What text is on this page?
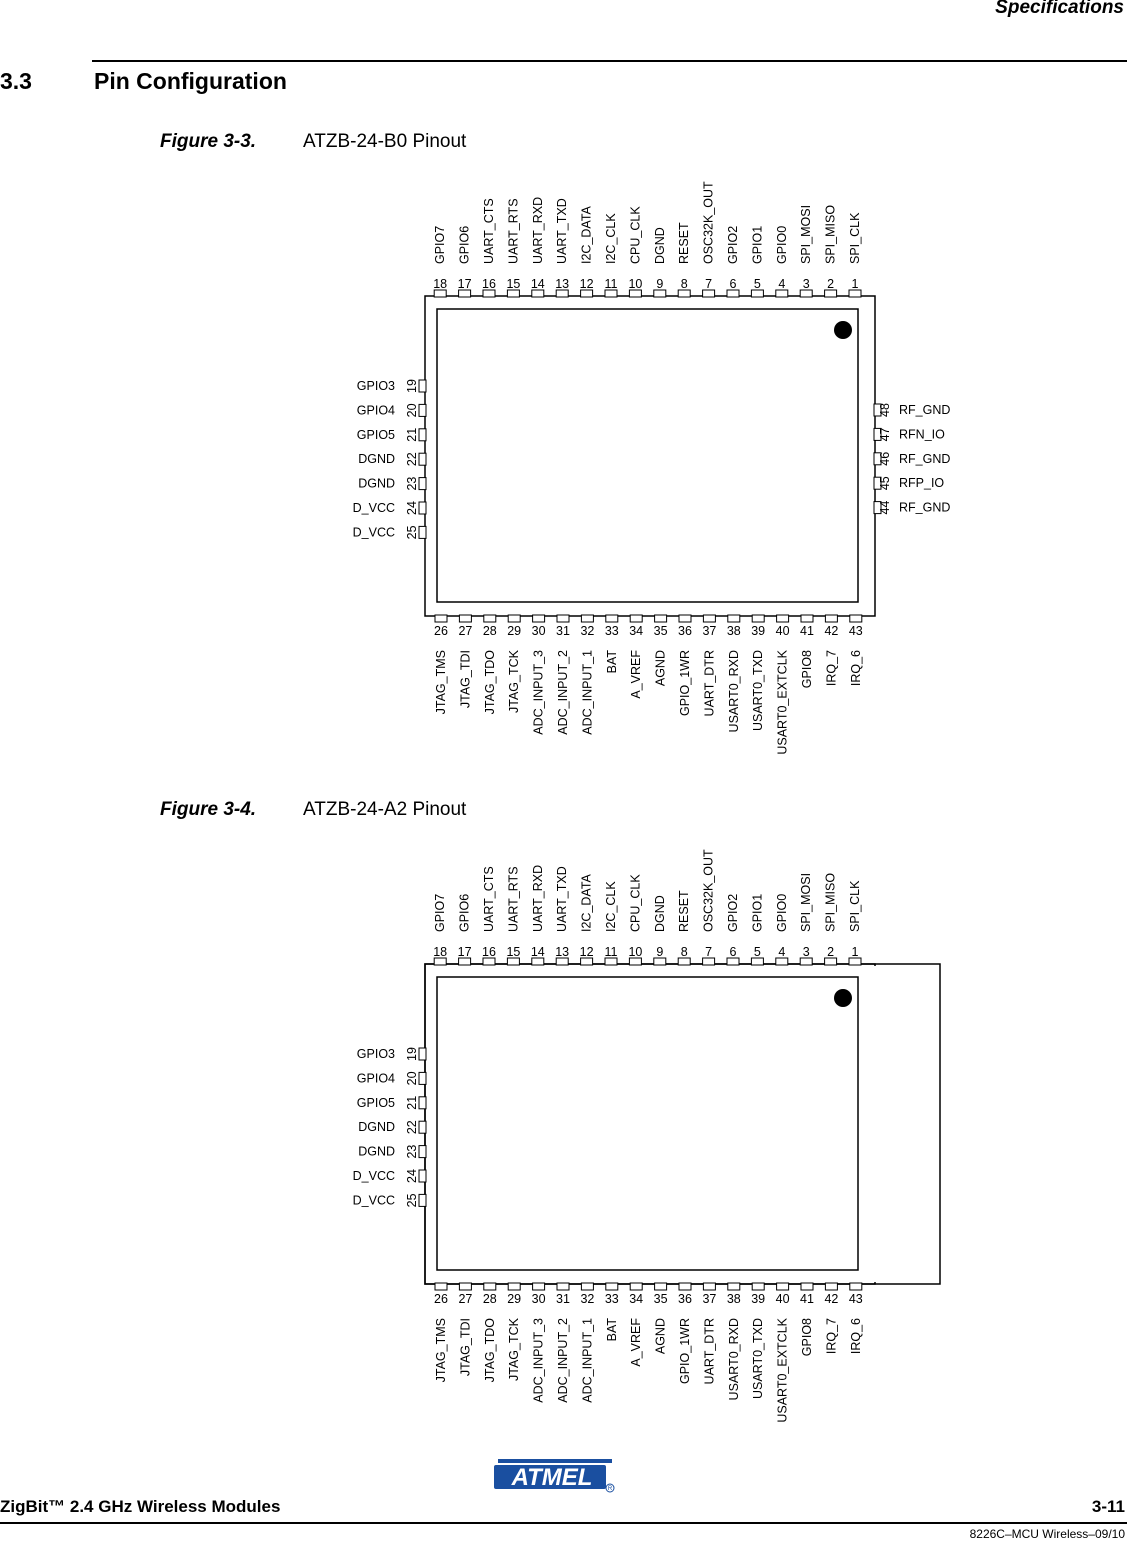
Specifications
3.3	Pin Configuration
Figure 3-3. ATZB-24-B0 Pinout
1
SPI_CLK
2
SPI_MISO
3
SPI_MOSI
4
GPIO0
5
GPIO1
6
GPIO2
7
OSC32K_OUT
8
RESET
9
DGND
10
CPU_CLK
11
I2C_CLK
12
I2C_DATA
13
UART_TXD
14
UART_RXD
15
UART_RTS
16
UART_CTS
17
GPIO6
18
GPIO7
26
JTAG_TMS
27
JTAG_TDI
28
JTAG_TDO
29
JTAG_TCK
30
ADC_INPUT_3
31
ADC_INPUT_2
32
ADC_INPUT_1
33
BAT
34
A_VREF
35
AGND
36
GPIO_1WR
37
UART_DTR
38
USART0_RXD
39
USART0_TXD
40
USART0_EXTCLK
41
GPIO8
42
IRQ_7
43
IRQ_6
19
GPIO3
20
GPIO4
21
GPIO5
22
DGND
23
DGND
24
D_VCC
25
D_VCC
48 RF_GND
47 RFN_IO
46 RF_GND
45 RFP_IO
44 RF_GND
Figure 3-4. ATZB-24-A2 Pinout
1
SPI_CLK
2
SPI_MISO
3
SPI_MOSI
4
GPIO0
5
GPIO1
6
GPIO2
7
OSC32K_OUT
8
RESET
9
DGND
10
CPU_CLK
11
I2C_CLK
12
I2C_DATA
13
UART_TXD
14
UART_RXD
15
UART_RTS
16
UART_CTS
17
GPIO6
18
GPIO7
26
JTAG_TMS
27
JTAG_TDI
28
JTAG_TDO
29
JTAG_TCK
30
ADC_INPUT_3
31
ADC_INPUT_2
32
ADC_INPUT_1
33
BAT
34
A_VREF
35
AGND
36
GPIO_1WR
37
UART_DTR
38
USART0_RXD
39
USART0_TXD
40
USART0_EXTCLK
41
GPIO8
42
IRQ_7
43
IRQ_6
19
GPIO3
20
GPIO4
21
GPIO5
22
DGND
23
DGND
24
D_VCC
25
D_VCC
ZigBit™ 2.4 GHz Wireless Modules
ATMEL	R
3-11
8226C–MCU Wireless–09/10
